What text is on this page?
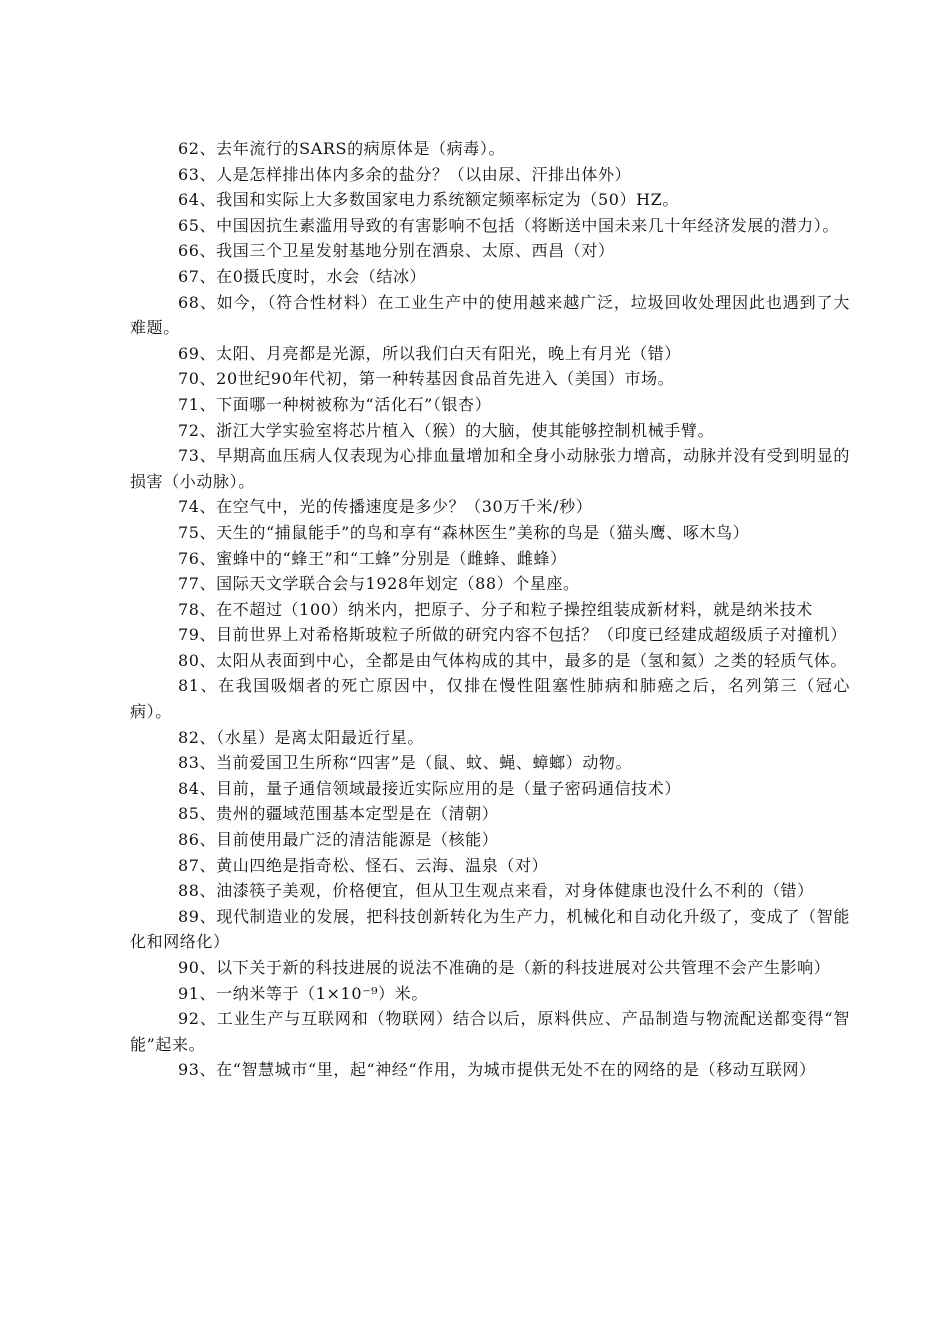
62、去年流行的SARS的病原体是（病毒）。

63、人是怎样排出体内多余的盐分？（以由尿、汗排出体外）

64、我国和实际上大多数国家电力系统额定频率标定为（50）HZ。

65、中国因抗生素滥用导致的有害影响不包括（将断送中国未来几十年经济发展的潜力）。

66、我国三个卫星发射基地分别在酒泉、太原、西昌（对）

67、在0摄氏度时，水会（结冰）

68、如今，（符合性材料）在工业生产中的使用越来越广泛，垃圾回收处理因此也遇到了大难题。

69、太阳、月亮都是光源，所以我们白天有阳光，晚上有月光（错）

70、20世纪90年代初，第一种转基因食品首先进入（美国）市场。

71、下面哪一种树被称为“活化石”（银杏）

72、浙江大学实验室将芯片植入（猴）的大脑，使其能够控制机械手臂。

73、早期高血压病人仅表现为心排血量增加和全身小动脉张力增高，动脉并没有受到明显的损害（小动脉）。

74、在空气中，光的传播速度是多少？（30万千米/秒）

75、天生的“捕鼠能手”的鸟和享有“森林医生”美称的鸟是（猫头鹰、啄木鸟）

76、蜜蜂中的“蜂王”和“工蜂”分别是（雌蜂、雌蜂）

77、国际天文学联合会与1928年划定（88）个星座。

78、在不超过（100）纳米内，把原子、分子和粒子操控组装成新材料，就是纳米技术

79、目前世界上对希格斯玻粒子所做的研究内容不包括？（印度已经建成超级质子对撞机）

80、太阳从表面到中心，全都是由气体构成的其中，最多的是（氢和氦）之类的轻质气体。

81、在我国吸烟者的死亡原因中，仅排在慢性阻塞性肺病和肺癌之后，名列第三（冠心病）。

82、（水星）是离太阳最近行星。

83、当前爱国卫生所称“四害”是（鼠、蚊、蝇、蟑螂）动物。

84、目前，量子通信领域最接近实际应用的是（量子密码通信技术）

85、贵州的疆域范围基本定型是在（清朝）

86、目前使用最广泛的清洁能源是（核能）

87、黄山四绝是指奇松、怪石、云海、温泉（对）

88、油漆筷子美观，价格便宜，但从卫生观点来看，对身体健康也没什么不利的（错）

89、现代制造业的发展，把科技创新转化为生产力，机械化和自动化升级了，变成了（智能化和网络化）

90、以下关于新的科技进展的说法不准确的是（新的科技进展对公共管理不会产生影响）

91、一纳米等于（1×10⁻⁹）米。

92、工业生产与互联网和（物联网）结合以后，原料供应、产品制造与物流配送都变得“智能”起来。

93、在“智慧城市“里，起“神经“作用，为城市提供无处不在的网络的是（移动互联网）
